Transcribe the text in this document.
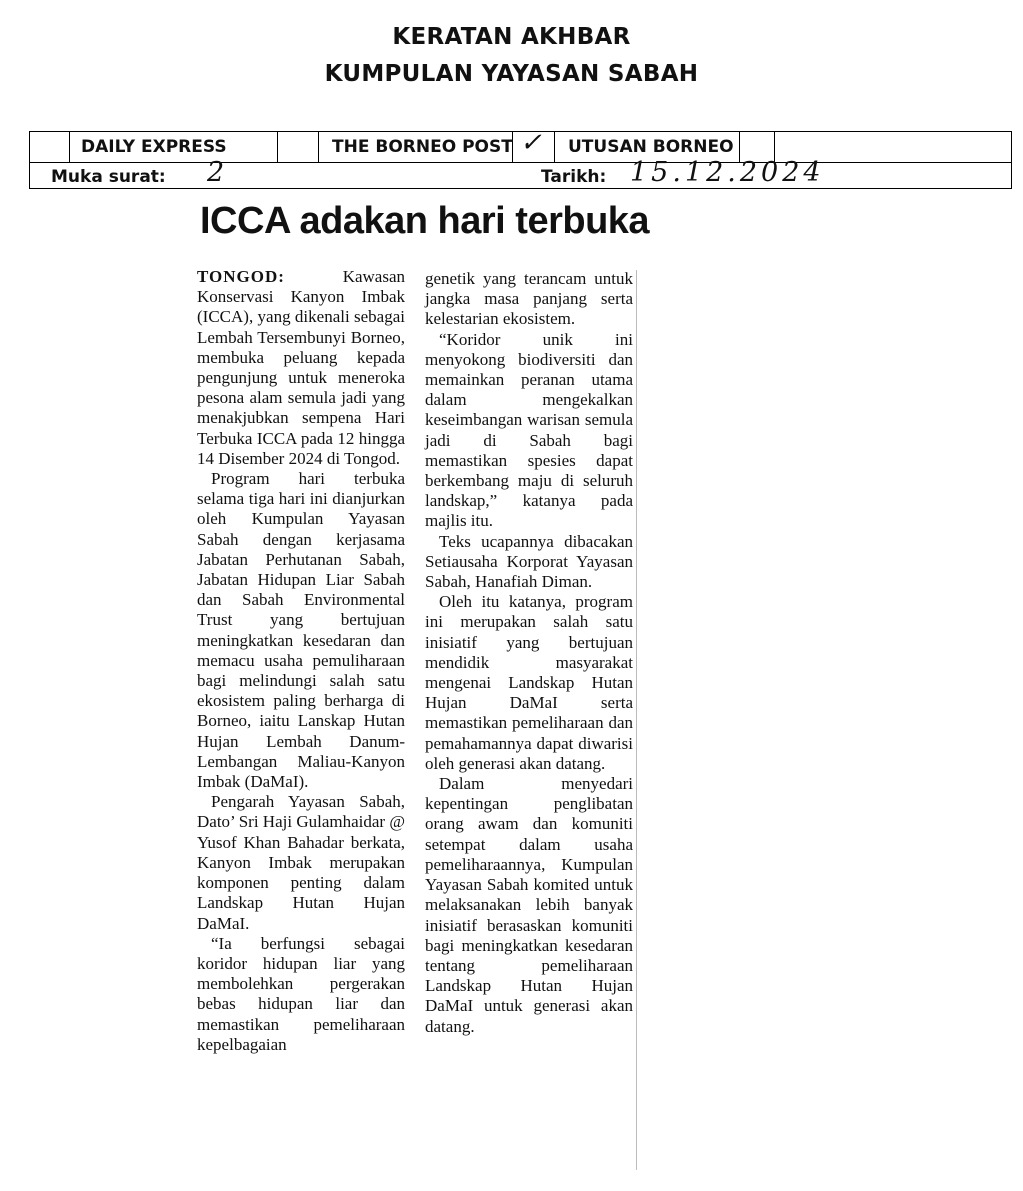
KERATAN AKHBAR
KUMPULAN YAYASAN SABAH
DAILY EXPRESS	THE BORNEO POST ✓ UTUSAN BORNEO
Muka surat: 2	Tarikh: 15.12.2024
ICCA adakan hari terbuka

TONGOD:	Kawasan Konservasi Kanyon Imbak (ICCA), yang dikenali sebagai Lembah Tersembunyi Borneo, membuka peluang kepada pengunjung untuk meneroka pesona alam semula jadi yang menakjubkan sempena Hari Terbuka ICCA pada 12 hingga 14 Disember 2024 di Tongod.

Program hari terbuka selama tiga hari ini dianjurkan oleh Kumpulan Yayasan Sabah dengan kerjasama Jabatan Perhutanan Sabah, Jabatan Hidupan Liar Sabah dan Sabah Environmental Trust yang bertujuan meningkatkan kesedaran dan memacu usaha pemuliharaan bagi melindungi salah satu ekosistem paling berharga di Borneo, iaitu Lanskap Hutan Hujan Lembah Danum-Lembangan Maliau-Kanyon Imbak (DaMaI).

Pengarah Yayasan Sabah, Dato’ Sri Haji Gulamhaidar @ Yusof Khan Bahadar berkata, Kanyon Imbak merupakan komponen penting dalam Landskap Hutan Hujan DaMaI.

“Ia berfungsi sebagai koridor hidupan liar yang membolehkan pergerakan bebas hidupan liar dan memastikan pemeliharaan kepelbagaian

genetik yang terancam untuk jangka masa panjang serta kelestarian ekosistem.

“Koridor unik ini menyokong biodiversiti dan memainkan peranan utama dalam mengekalkan keseimbangan warisan semula jadi di Sabah bagi memastikan spesies dapat berkembang maju di seluruh landskap,” katanya pada majlis itu.

Teks ucapannya dibacakan Setiausaha Korporat Yayasan Sabah, Hanafiah Diman.

Oleh itu katanya, program ini merupakan salah satu inisiatif yang bertujuan mendidik masyarakat mengenai Landskap Hutan Hujan DaMaI serta memastikan pemeliharaan dan pemahamannya dapat diwarisi oleh generasi akan datang.

Dalam menyedari kepentingan penglibatan orang awam dan komuniti setempat dalam usaha pemeliharaannya, Kumpulan Yayasan Sabah komited untuk melaksanakan lebih banyak inisiatif berasaskan komuniti bagi meningkatkan kesedaran tentang pemeliharaan Landskap Hutan Hujan DaMaI untuk generasi akan datang.
